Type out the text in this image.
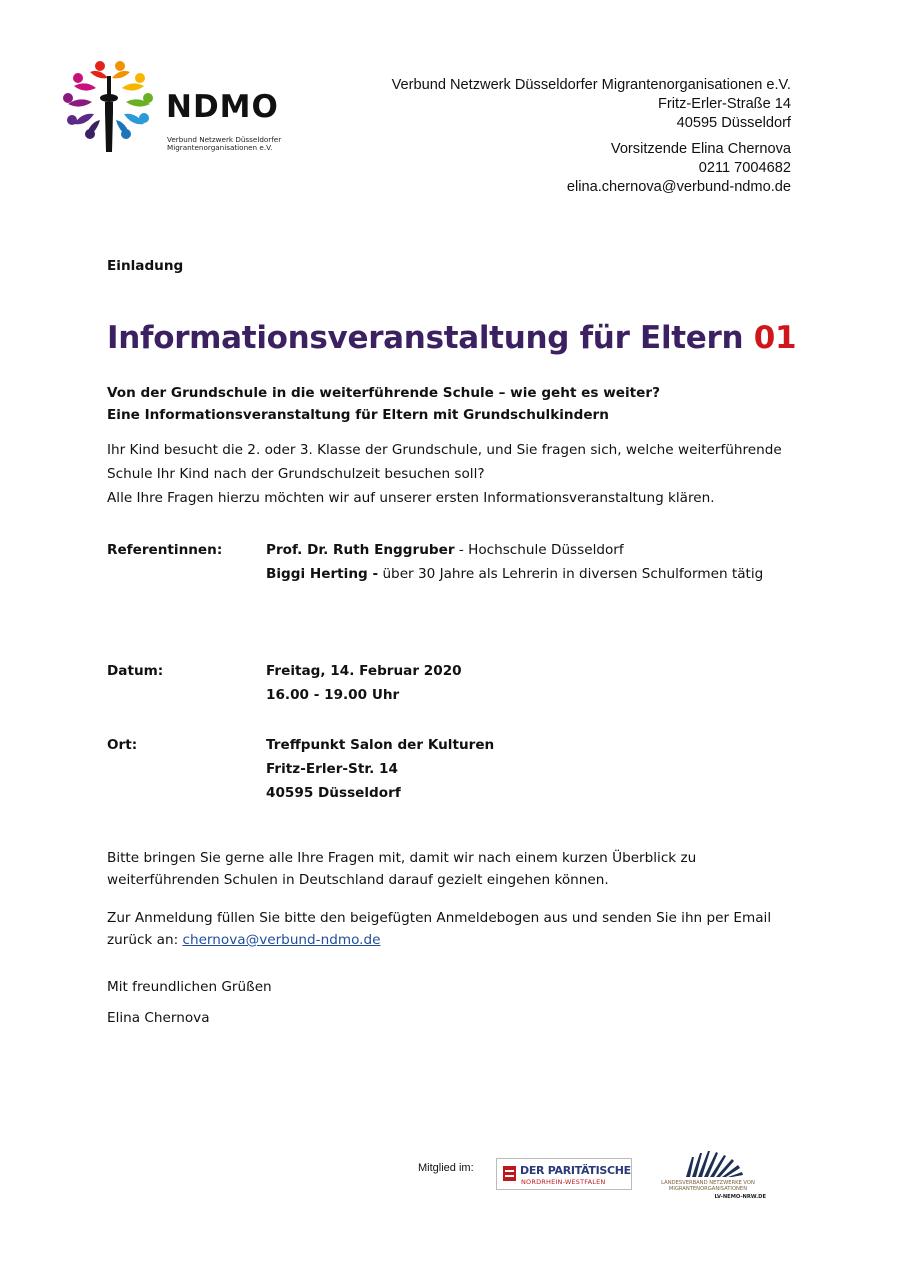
NDMO
Verbund Netzwerk Düsseldorfer
Migrantenorganisationen e.V.
Verbund Netzwerk Düsseldorfer Migrantenorganisationen e.V.
Fritz-Erler-Straße 14
40595 Düsseldorf
Vorsitzende Elina Chernova
0211 7004682
elina.chernova@verbund-ndmo.de
Einladung
Informationsveranstaltung für Eltern 01
Von der Grundschule in die weiterführende Schule – wie geht es weiter?
Eine Informationsveranstaltung für Eltern mit Grundschulkindern
Ihr Kind besucht die 2. oder 3. Klasse der Grundschule, und Sie fragen sich, welche weiterführende
Schule Ihr Kind nach der Grundschulzeit besuchen soll?
Alle Ihre Fragen hierzu möchten wir auf unserer ersten Informationsveranstaltung klären.
Referentinnen:	Prof. Dr. Ruth Enggruber - Hochschule Düsseldorf
Biggi Herting - über 30 Jahre als Lehrerin in diversen Schulformen tätig
Datum:	Freitag, 14. Februar 2020
16.00 - 19.00 Uhr
Ort:	Treffpunkt Salon der Kulturen
Fritz-Erler-Str. 14
40595 Düsseldorf
Bitte bringen Sie gerne alle Ihre Fragen mit, damit wir nach einem kurzen Überblick zu
weiterführenden Schulen in Deutschland darauf gezielt eingehen können.
Zur Anmeldung füllen Sie bitte den beigefügten Anmeldebogen aus und senden Sie ihn per Email
zurück an: chernova@verbund-ndmo.de
Mit freundlichen Grüßen
Elina Chernova
Mitglied im:	DER PARITÄTISCHE
NORDRHEIN-WESTFALEN	LANDESVERBAND NETZWERKE VON
MIGRANTENORGANISATIONEN
LV-NEMO-NRW.DE
